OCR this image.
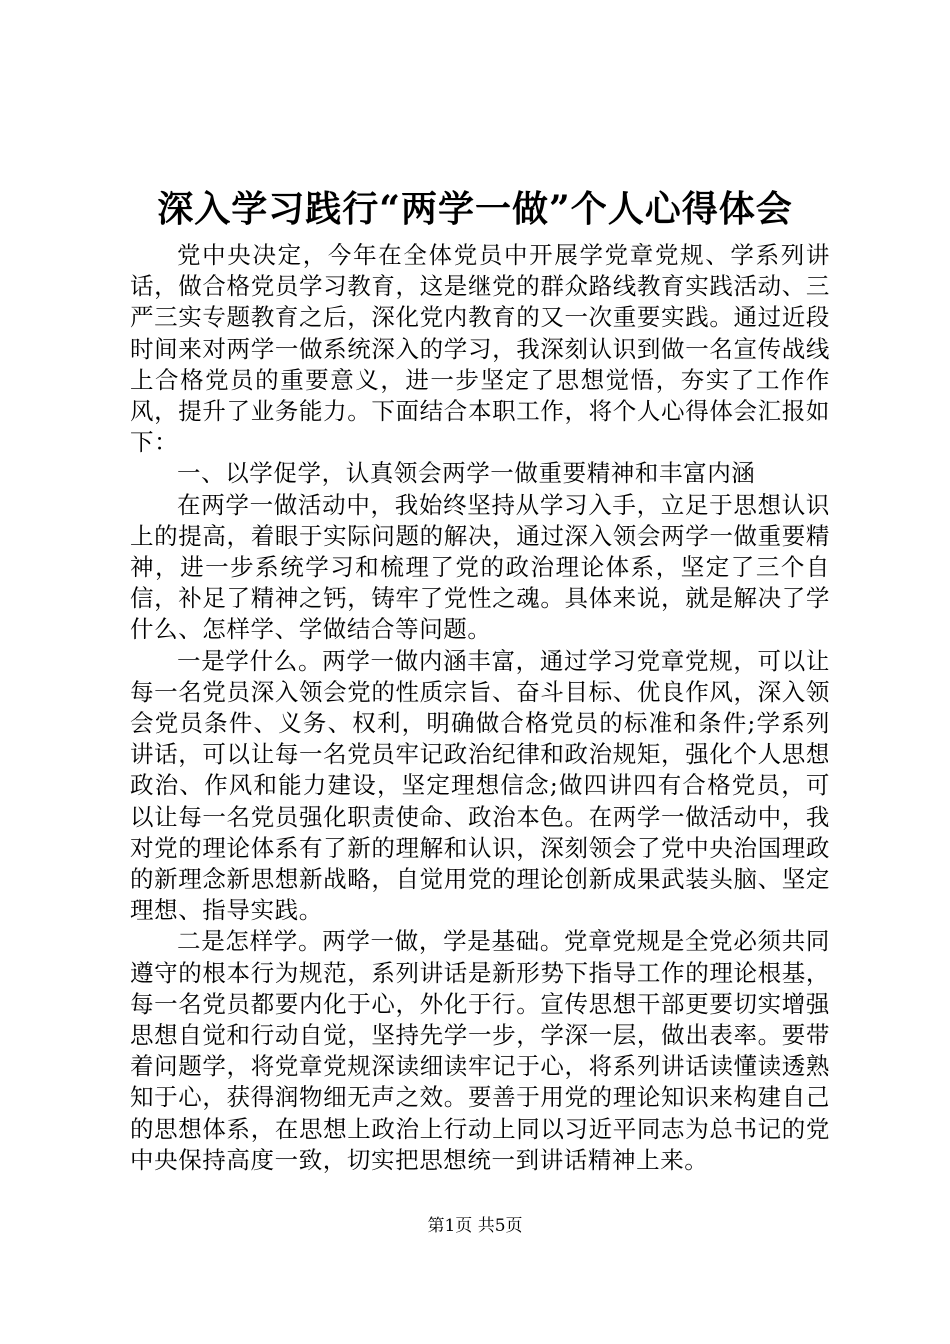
深入学习践行“两学一做”个人心得体会

党中央决定，今年在全体党员中开展学党章党规、学系列讲话，做合格党员学习教育，这是继党的群众路线教育实践活动、三严三实专题教育之后，深化党内教育的又一次重要实践。通过近段时间来对两学一做系统深入的学习，我深刻认识到做一名宣传战线上合格党员的重要意义，进一步坚定了思想觉悟，夯实了工作作风，提升了业务能力。下面结合本职工作，将个人心得体会汇报如下：

一、以学促学，认真领会两学一做重要精神和丰富内涵

在两学一做活动中，我始终坚持从学习入手，立足于思想认识上的提高，着眼于实际问题的解决，通过深入领会两学一做重要精神，进一步系统学习和梳理了党的政治理论体系，坚定了三个自信，补足了精神之钙，铸牢了党性之魂。具体来说，就是解决了学什么、怎样学、学做结合等问题。

一是学什么。两学一做内涵丰富，通过学习党章党规，可以让每一名党员深入领会党的性质宗旨、奋斗目标、优良作风，深入领会党员条件、义务、权利，明确做合格党员的标准和条件;学系列讲话，可以让每一名党员牢记政治纪律和政治规矩，强化个人思想政治、作风和能力建设，坚定理想信念;做四讲四有合格党员，可以让每一名党员强化职责使命、政治本色。在两学一做活动中，我对党的理论体系有了新的理解和认识，深刻领会了党中央治国理政的新理念新思想新战略，自觉用党的理论创新成果武装头脑、坚定理想、指导实践。

二是怎样学。两学一做，学是基础。党章党规是全党必须共同遵守的根本行为规范，系列讲话是新形势下指导工作的理论根基，每一名党员都要内化于心，外化于行。宣传思想干部更要切实增强思想自觉和行动自觉，坚持先学一步，学深一层，做出表率。要带着问题学，将党章党规深读细读牢记于心，将系列讲话读懂读透熟知于心，获得润物细无声之效。要善于用党的理论知识来构建自己的思想体系，在思想上政治上行动上同以习近平同志为总书记的党中央保持高度一致，切实把思想统一到讲话精神上来。

第1页 共5页
